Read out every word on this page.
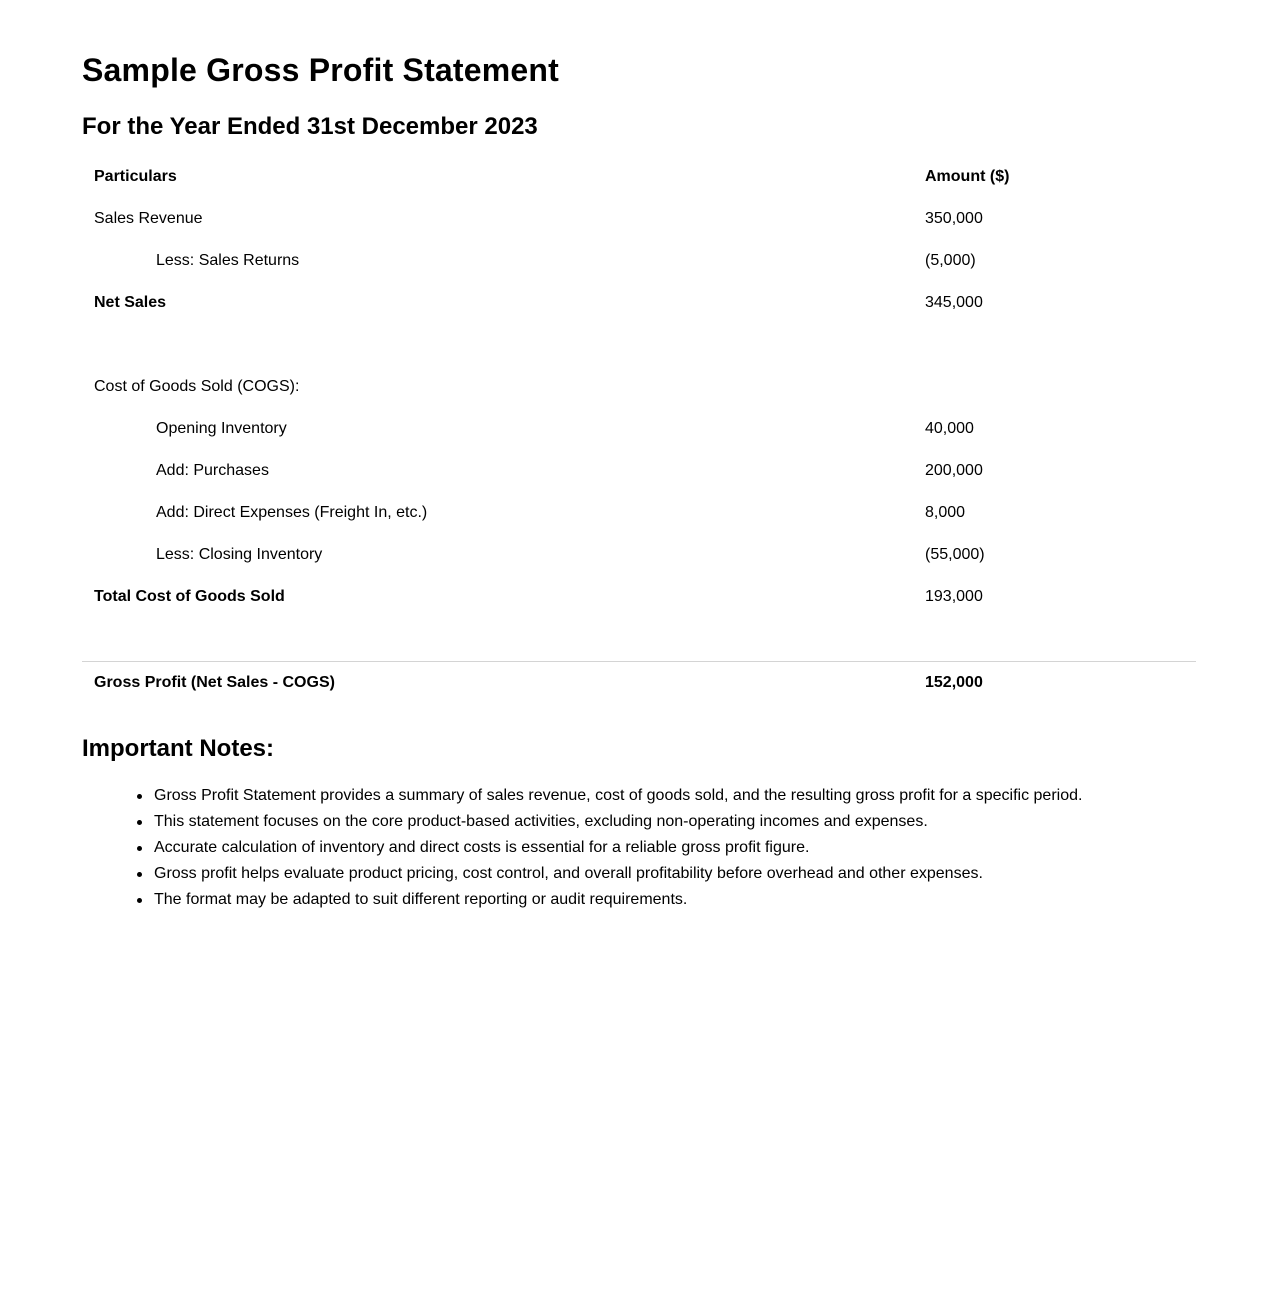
Sample Gross Profit Statement
For the Year Ended 31st December 2023
Particulars	Amount ($)
Sales Revenue	350,000
Less: Sales Returns	(5,000)
Net Sales	345,000
Cost of Goods Sold (COGS):
Opening Inventory	40,000
Add: Purchases	200,000
Add: Direct Expenses (Freight In, etc.)	8,000
Less: Closing Inventory	(55,000)
Total Cost of Goods Sold	193,000
Gross Profit (Net Sales - COGS)	152,000
Important Notes:
Gross Profit Statement provides a summary of sales revenue, cost of goods sold, and the resulting gross profit for a specific period.
This statement focuses on the core product-based activities, excluding non-operating incomes and expenses.
Accurate calculation of inventory and direct costs is essential for a reliable gross profit figure.
Gross profit helps evaluate product pricing, cost control, and overall profitability before overhead and other expenses.
The format may be adapted to suit different reporting or audit requirements.
